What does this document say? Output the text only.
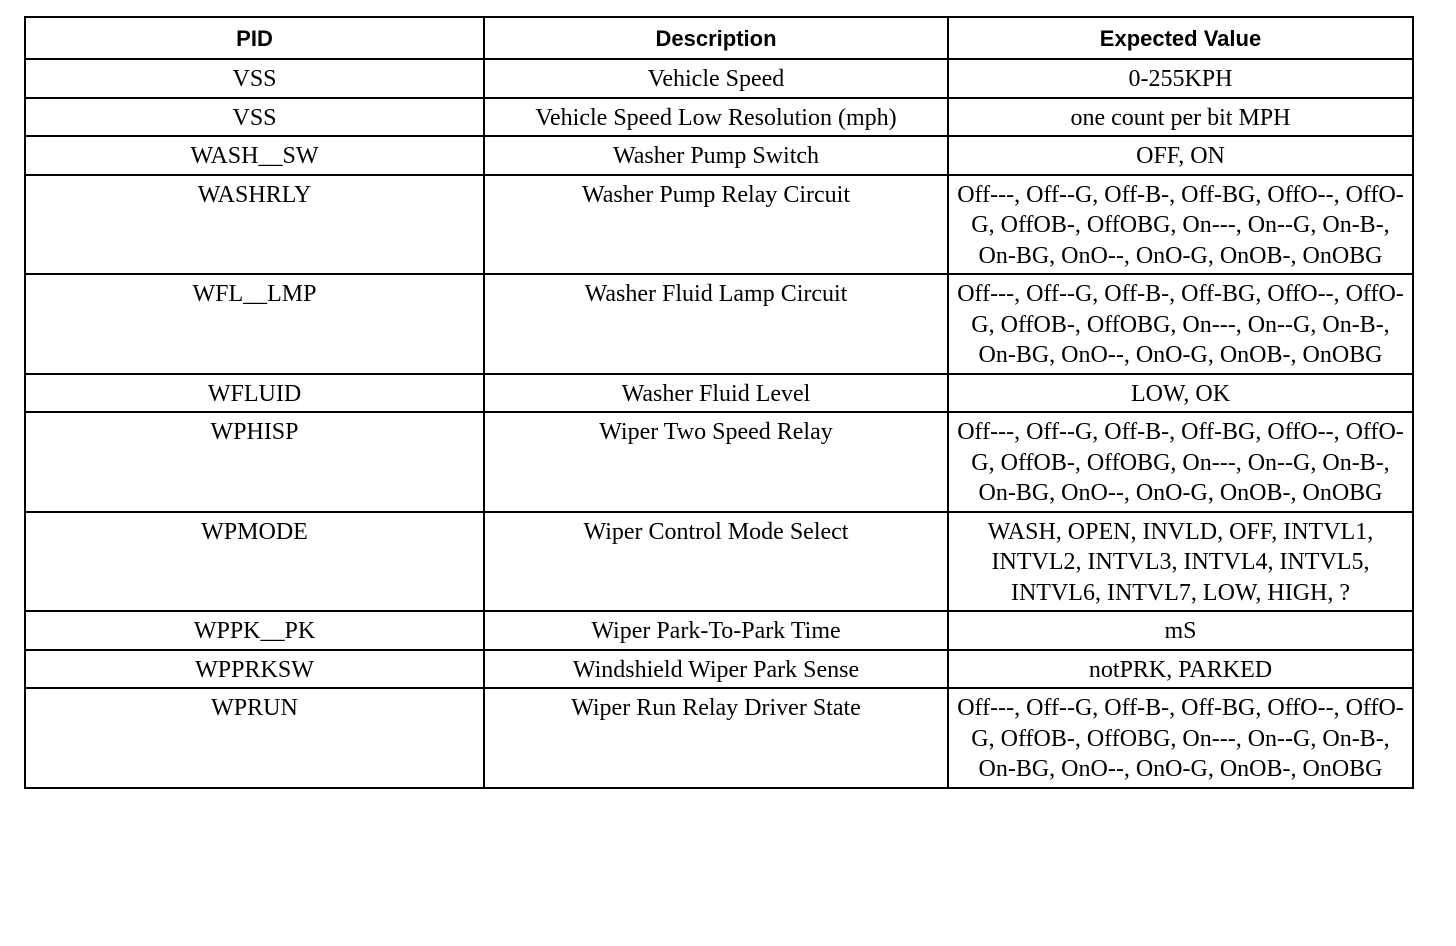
PID	Description	Expected Value
VSS	Vehicle Speed	0-255KPH
VSS	Vehicle Speed Low Resolution (mph)	one count per bit MPH
WASH__SW	Washer Pump Switch	OFF, ON
WASHRLY	Washer Pump Relay Circuit	Off---, Off--G, Off-B-, Off-BG, OffO--, OffO-G, OffOB-, OffOBG, On---, On--G, On-B-, On-BG, OnO--, OnO-G, OnOB-, OnOBG
WFL__LMP	Washer Fluid Lamp Circuit	Off---, Off--G, Off-B-, Off-BG, OffO--, OffO-G, OffOB-, OffOBG, On---, On--G, On-B-, On-BG, OnO--, OnO-G, OnOB-, OnOBG
WFLUID	Washer Fluid Level	LOW, OK
WPHISP	Wiper Two Speed Relay	Off---, Off--G, Off-B-, Off-BG, OffO--, OffO-G, OffOB-, OffOBG, On---, On--G, On-B-, On-BG, OnO--, OnO-G, OnOB-, OnOBG
WPMODE	Wiper Control Mode Select	WASH, OPEN, INVLD, OFF, INTVL1, INTVL2, INTVL3, INTVL4, INTVL5, INTVL6, INTVL7, LOW, HIGH, ?
WPPK__PK	Wiper Park-To-Park Time	mS
WPPRKSW	Windshield Wiper Park Sense	notPRK, PARKED
WPRUN	Wiper Run Relay Driver State	Off---, Off--G, Off-B-, Off-BG, OffO--, OffO-G, OffOB-, OffOBG, On---, On--G, On-B-, On-BG, OnO--, OnO-G, OnOB-, OnOBG
